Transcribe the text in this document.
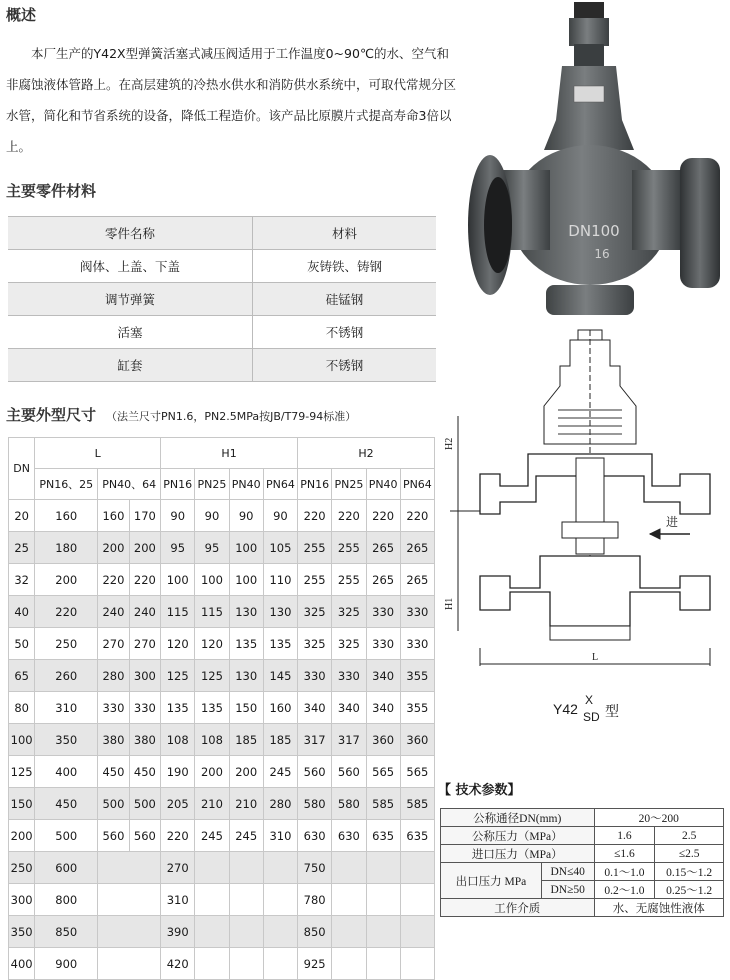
概述

本厂生产的Y42X型弹簧活塞式减压阀适用于工作温度0~90℃的水、空气和非腐蚀液体管路上。在高层建筑的冷热水供水和消防供水系统中，可取代常规分区水管，简化和节省系统的设备，降低工程造价。该产品比原膜片式提高寿命3倍以上。

主要零件材料
零件名称	材料
阀体、上盖、下盖	灰铸铁、铸钢
调节弹簧	硅锰钢
活塞	不锈钢
缸套	不锈钢
主要外型尺寸 （法兰尺寸PN1.6，PN2.5MPa按JB/T79-94标准）
DN	L			H1				H2			
	PN16、25	PN40、64		PN16	PN25	PN40	PN64	PN16	PN25	PN40	PN64
20	160	160	170	90	90	90	90	220	220	220	220
25	180	200	200	95	95	100	105	255	255	265	265
32	200	220	220	100	100	100	110	255	255	265	265
40	220	240	240	115	115	130	130	325	325	330	330
50	250	270	270	120	120	135	135	325	325	330	330
65	260	280	300	125	125	130	145	330	330	340	355
80	310	330	330	135	135	150	160	340	340	340	355
100	350	380	380	108	108	185	185	317	317	360	360
125	400	450	450	190	200	200	245	560	560	565	565
150	450	500	500	205	210	210	280	580	580	585	585
200	500	560	560	220	245	245	310	630	630	635	635
250	600			270				750			
300	800			310				780			
350	850			390				850			
400	900			420				925			
DN100
16
H2
H1
L
进
Y42
X
SD 型
【 技术参数】
公称通径DN(mm)		20～200	
公称压力（MPa）		1.6	2.5
进口压力（MPa）		≤1.6	≤2.5
出口压力 MPa	DN≤40	0.1～1.0	0.15～1.2
	DN≥50	0.2～1.0	0.25～1.2
工作介质		水、无腐蚀性液体	
